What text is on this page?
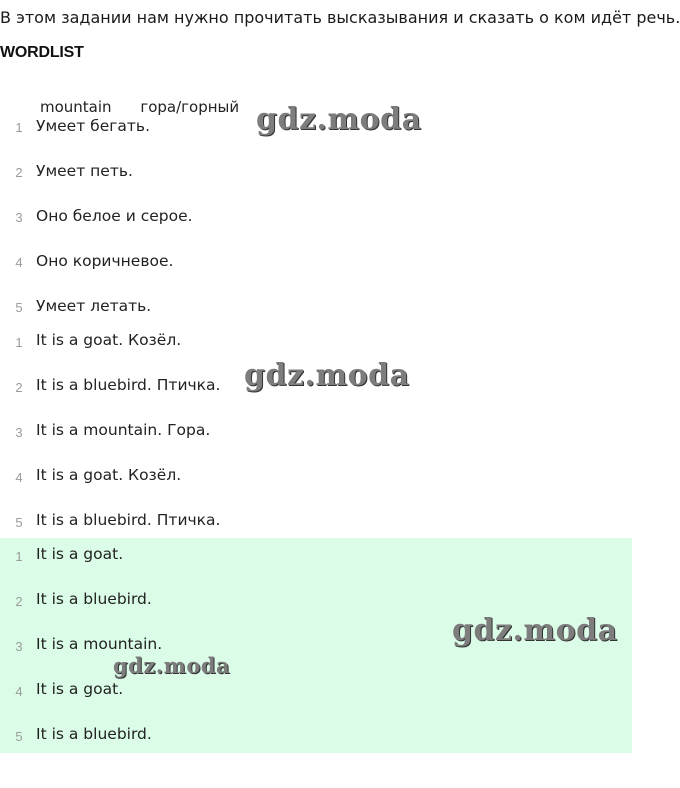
В этом задании нам нужно прочитать высказывания и сказать о ком идёт речь.
WORDLIST
mountain гора/горный
1 Умеет бегать.
2 Умеет петь.
3 Оно белое и серое.
4 Оно коричневое.
5 Умеет летать.
1 It is a goat. Козёл.
2 It is a bluebird. Птичка.
3 It is a mountain. Гора.
4 It is a goat. Козёл.
5 It is a bluebird. Птичка.
1 It is a goat.
2 It is a bluebird.
3 It is a mountain.
4 It is a goat.
5 It is a bluebird.
gdz.moda
gdz.moda
gdz.moda
gdz.moda
